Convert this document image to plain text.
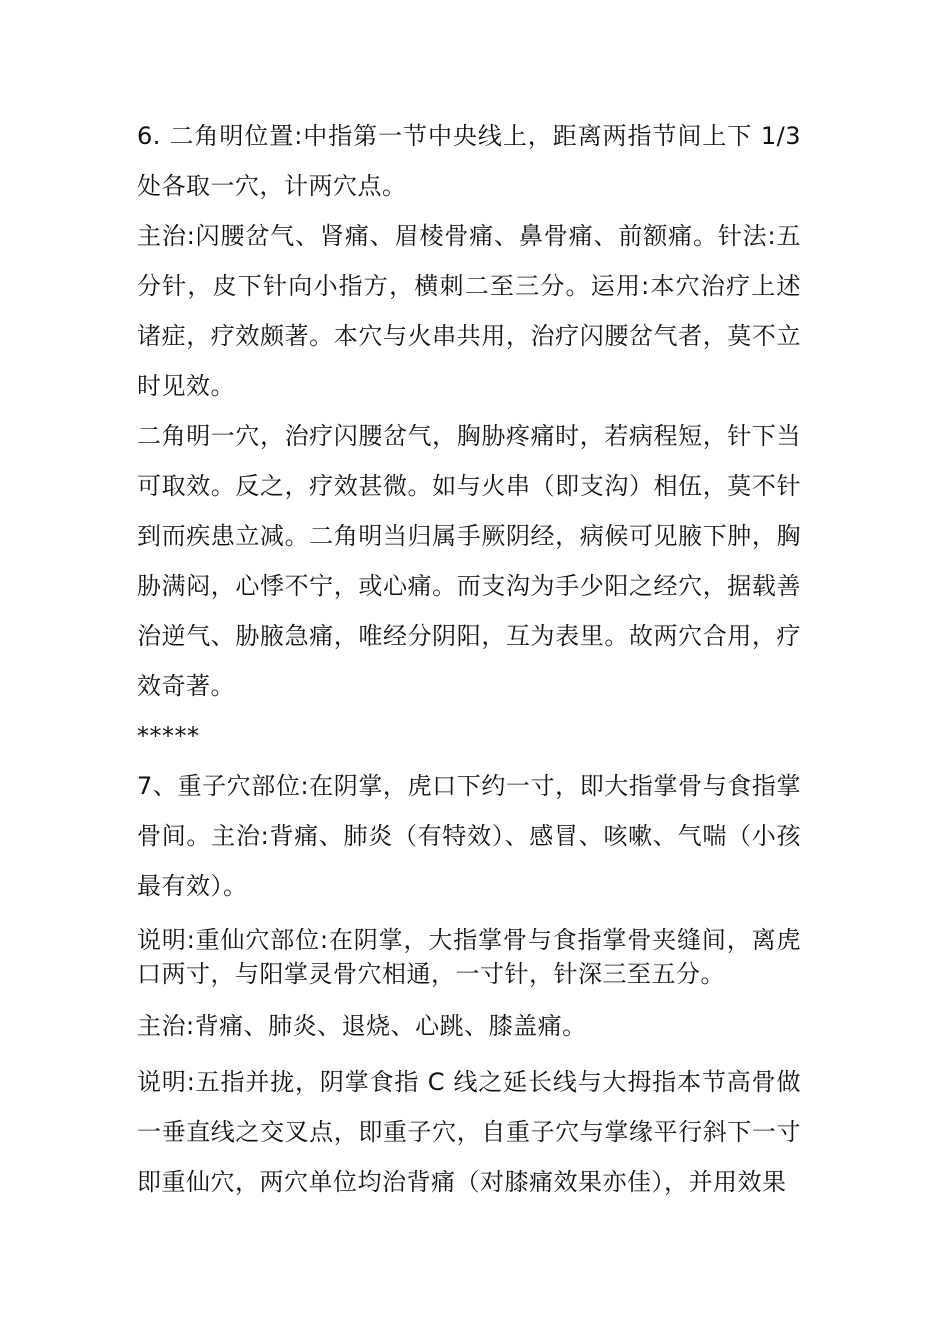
6. 二角明位置:中指第一节中央线上，距离两指节间上下 1/3 处各取一穴，计两穴点。

主治:闪腰岔气、肾痛、眉棱骨痛、鼻骨痛、前额痛。针法:五分针，皮下针向小指方，横刺二至三分。运用:本穴治疗上述诸症，疗效颇著。本穴与火串共用，治疗闪腰岔气者，莫不立时见效。

二角明一穴，治疗闪腰岔气，胸胁疼痛时，若病程短，针下当可取效。反之，疗效甚微。如与火串（即支沟）相伍，莫不针到而疾患立减。二角明当归属手厥阴经，病候可见腋下肿，胸胁满闷，心悸不宁，或心痛。而支沟为手少阳之经穴，据载善治逆气、胁腋急痛，唯经分阴阳，互为表里。故两穴合用，疗效奇著。

*****

7、重子穴部位:在阴掌，虎口下约一寸，即大指掌骨与食指掌骨间。主治:背痛、肺炎（有特效）、感冒、咳嗽、气喘（小孩最有效）。

说明:重仙穴部位:在阴掌，大指掌骨与食指掌骨夹缝间，离虎口两寸，与阳掌灵骨穴相通，一寸针，针深三至五分。

主治:背痛、肺炎、退烧、心跳、膝盖痛。

说明:五指并拢，阴掌食指 C 线之延长线与大拇指本节高骨做一垂直线之交叉点，即重子穴，自重子穴与掌缘平行斜下一寸即重仙穴，两穴单位均治背痛（对膝痛效果亦佳），并用效果
